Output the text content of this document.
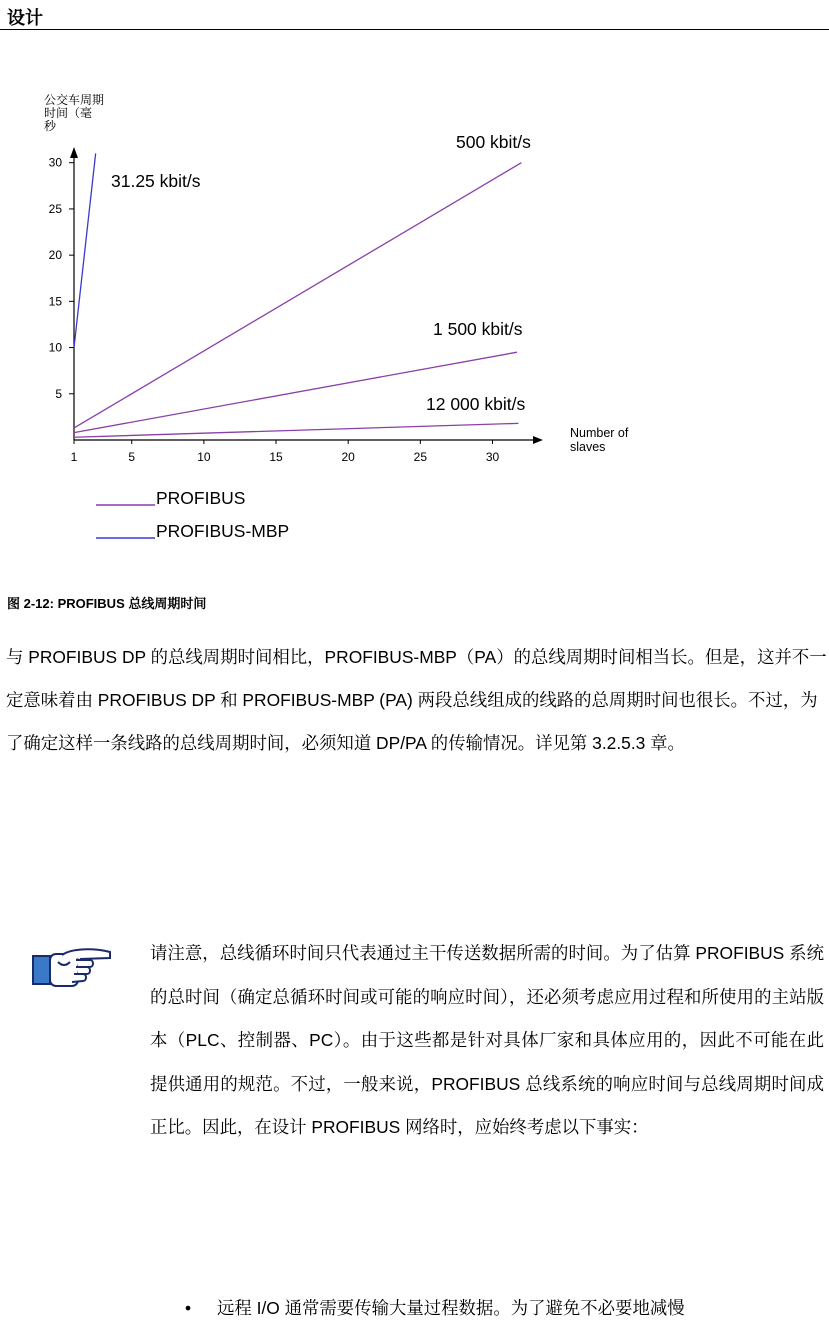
设计
公交车周期
时间（毫
秒
Number of
slaves
5
10
15
20
25
30
1	5	10	15	20	25	30
31.25 kbit/s
500 kbit/s
1 500 kbit/s
12 000 kbit/s
PROFIBUS
PROFIBUS-MBP

图 2-12: PROFIBUS 总线周期时间

与 PROFIBUS DP 的总线周期时间相比，PROFIBUS-MBP（PA）的总线周期时间相当长。但是，这并不一定意味着由 PROFIBUS DP 和 PROFIBUS-MBP (PA) 两段总线组成的线路的总周期时间也很长。不过，为了确定这样一条线路的总线周期时间，必须知道 DP/PA 的传输情况。详见第 3.2.5.3 章。

请注意，总线循环时间只代表通过主干传送数据所需的时间。为了估算 PROFIBUS 系统的总时间（确定总循环时间或可能的响应时间），还必须考虑应用过程和所使用的主站版本（PLC、控制器、PC）。由于这些都是针对具体厂家和具体应用的，因此不可能在此提供通用的规范。不过，一般来说，PROFIBUS 总线系统的响应时间与总线周期时间成正比。因此，在设计 PROFIBUS 网络时，应始终考虑以下事实：

• 远程 I/O 通常需要传输大量过程数据。为了避免不必要地减慢
